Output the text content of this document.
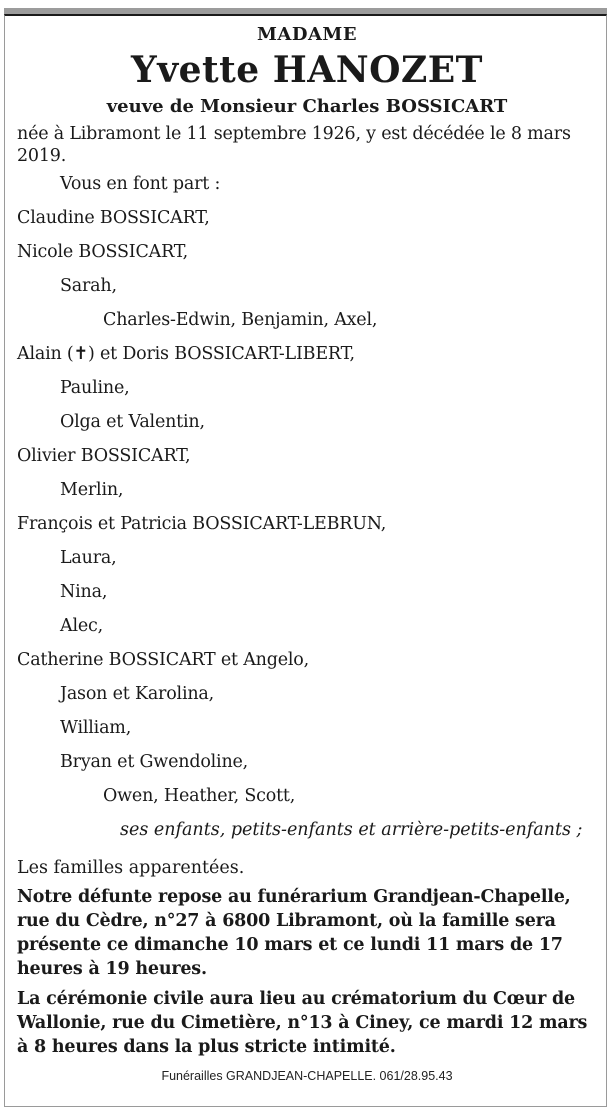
MADAME
Yvette HANOZET
veuve de Monsieur Charles BOSSICART
née à Libramont le 11 septembre 1926, y est décédée le 8 mars 2019.
Vous en font part :
Claudine BOSSICART,
Nicole BOSSICART,
Sarah,
Charles-Edwin, Benjamin, Axel,
Alain (✝) et Doris BOSSICART-LIBERT,
Pauline,
Olga et Valentin,
Olivier BOSSICART,
Merlin,
François et Patricia BOSSICART-LEBRUN,
Laura,
Nina,
Alec,
Catherine BOSSICART et Angelo,
Jason et Karolina,
William,
Bryan et Gwendoline,
Owen, Heather, Scott,
ses enfants, petits-enfants et arrière-petits-enfants ;
Les familles apparentées.
Notre défunte repose au funérarium Grandjean-Chapelle, rue du Cèdre, n°27 à 6800 Libramont, où la famille sera présente ce dimanche 10 mars et ce lundi 11 mars de 17 heures à 19 heures.
La cérémonie civile aura lieu au crématorium du Cœur de Wallonie, rue du Cimetière, n°13 à Ciney, ce mardi 12 mars à 8 heures dans la plus stricte intimité.
Funérailles GRANDJEAN-CHAPELLE. 061/28.95.43
